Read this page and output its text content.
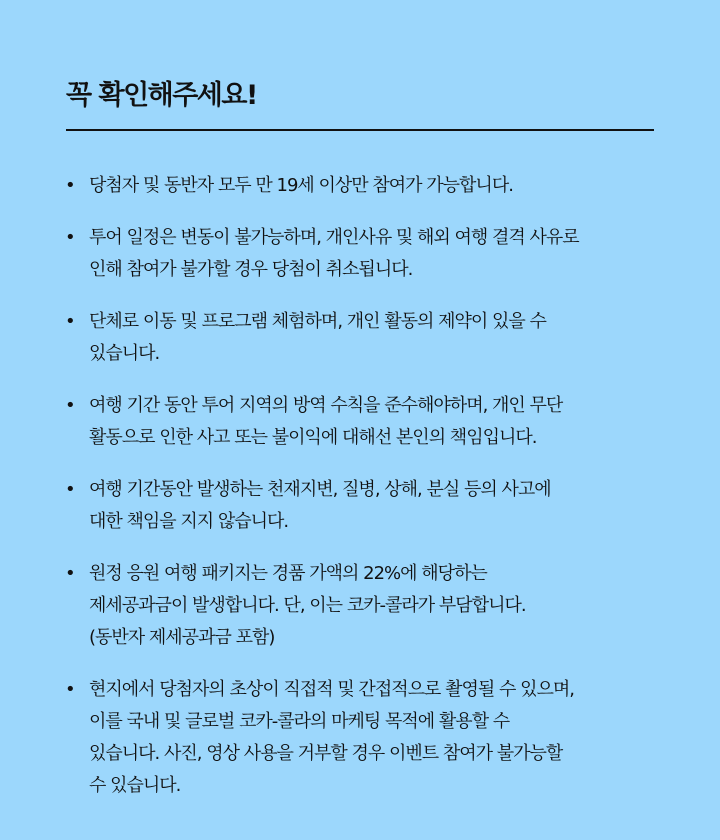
꼭 확인해주세요!
• 당첨자 및 동반자 모두 만 19세 이상만 참여가 가능합니다.
• 투어 일정은 변동이 불가능하며, 개인사유 및 해외 여행 결격 사유로
인해 참여가 불가할 경우 당첨이 취소됩니다.
• 단체로 이동 및 프로그램 체험하며, 개인 활동의 제약이 있을 수
있습니다.
• 여행 기간 동안 투어 지역의 방역 수칙을 준수해야하며, 개인 무단
활동으로 인한 사고 또는 불이익에 대해선 본인의 책임입니다.
• 여행 기간동안 발생하는 천재지변, 질병, 상해, 분실 등의 사고에
대한 책임을 지지 않습니다.
• 원정 응원 여행 패키지는 경품 가액의 22%에 해당하는
제세공과금이 발생합니다. 단, 이는 코카-콜라가 부담합니다.
(동반자 제세공과금 포함)
• 현지에서 당첨자의 초상이 직접적 및 간접적으로 촬영될 수 있으며,
이를 국내 및 글로벌 코카-콜라의 마케팅 목적에 활용할 수
있습니다. 사진, 영상 사용을 거부할 경우 이벤트 참여가 불가능할
수 있습니다.
